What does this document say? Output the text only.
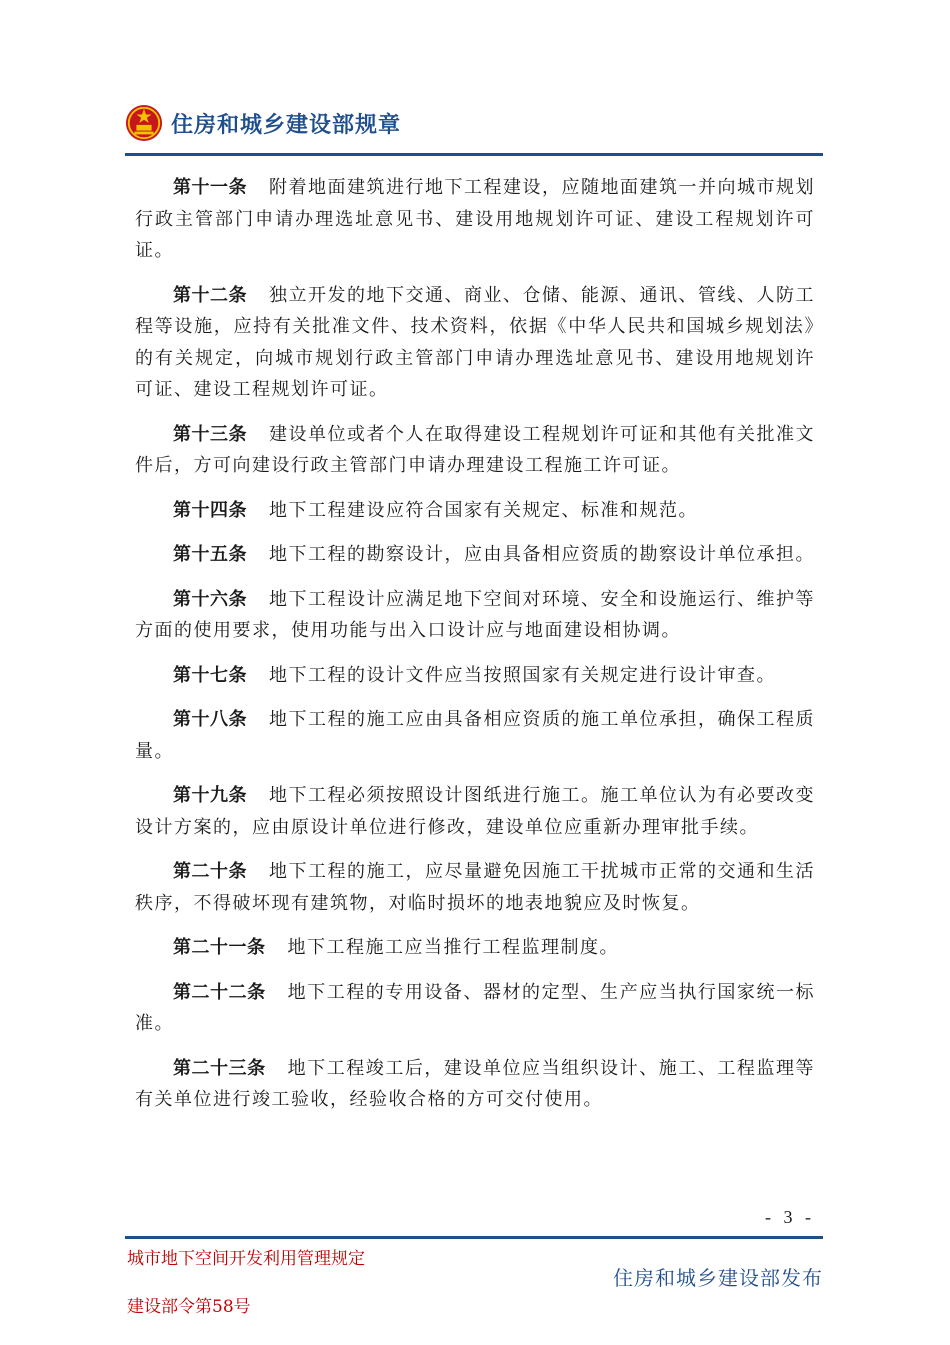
住房和城乡建设部规章

第十一条 附着地面建筑进行地下工程建设，应随地面建筑一并向城市规划行政主管部门申请办理选址意见书、建设用地规划许可证、建设工程规划许可证。

第十二条 独立开发的地下交通、商业、仓储、能源、通讯、管线、人防工程等设施，应持有关批准文件、技术资料，依据《中华人民共和国城乡规划法》的有关规定，向城市规划行政主管部门申请办理选址意见书、建设用地规划许可证、建设工程规划许可证。

第十三条 建设单位或者个人在取得建设工程规划许可证和其他有关批准文件后，方可向建设行政主管部门申请办理建设工程施工许可证。

第十四条 地下工程建设应符合国家有关规定、标准和规范。

第十五条 地下工程的勘察设计，应由具备相应资质的勘察设计单位承担。

第十六条 地下工程设计应满足地下空间对环境、安全和设施运行、维护等方面的使用要求，使用功能与出入口设计应与地面建设相协调。

第十七条 地下工程的设计文件应当按照国家有关规定进行设计审查。

第十八条 地下工程的施工应由具备相应资质的施工单位承担，确保工程质量。

第十九条 地下工程必须按照设计图纸进行施工。施工单位认为有必要改变设计方案的，应由原设计单位进行修改，建设单位应重新办理审批手续。

第二十条 地下工程的施工，应尽量避免因施工干扰城市正常的交通和生活秩序，不得破坏现有建筑物，对临时损坏的地表地貌应及时恢复。

第二十一条 地下工程施工应当推行工程监理制度。

第二十二条 地下工程的专用设备、器材的定型、生产应当执行国家统一标准。

第二十三条 地下工程竣工后，建设单位应当组织设计、施工、工程监理等有关单位进行竣工验收，经验收合格的方可交付使用。

- 3 -
城市地下空间开发利用管理规定
建设部令第58号
住房和城乡建设部发布
